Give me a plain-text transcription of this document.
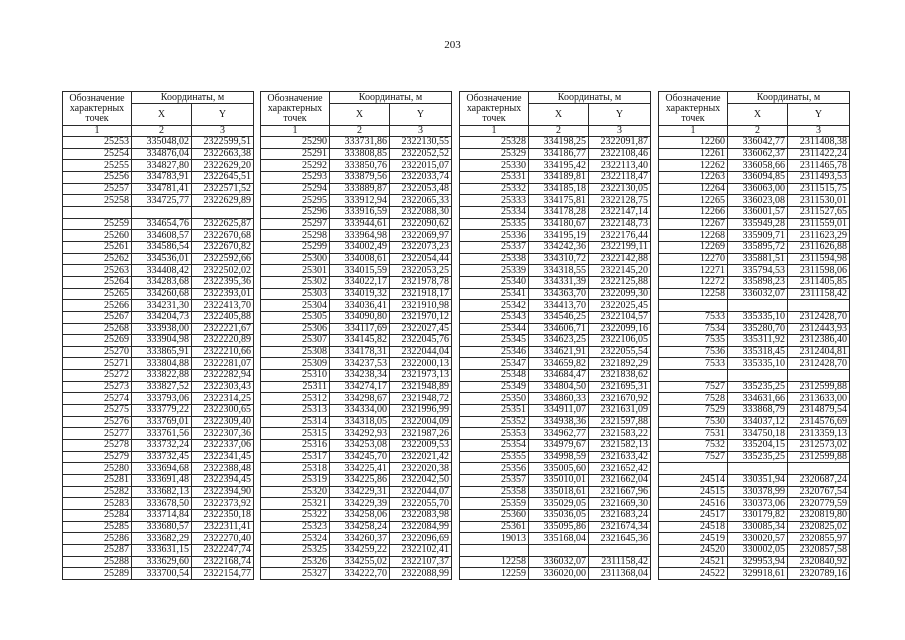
203
Обозначение характерных точек	Координаты, м	
	X	Y
1	2	3
25253	335048,02	2322599,51
25254	334876,04	2322663,38
25255	334827,80	2322629,20
25256	334783,91	2322645,51
25257	334781,41	2322571,52
25258	334725,77	2322629,89

25259	334654,76	2322625,87
25260	334608,57	2322670,68
25261	334586,54	2322670,82
25262	334536,01	2322592,66
25263	334408,42	2322502,02
25264	334283,68	2322395,36
25265	334260,68	2322393,01
25266	334231,30	2322413,70
25267	334204,73	2322405,88
25268	333938,00	2322221,67
25269	333904,98	2322220,89
25270	333865,91	2322210,66
25271	333804,88	2322281,07
25272	333822,88	2322282,94
25273	333827,52	2322303,43
25274	333793,06	2322314,25
25275	333779,22	2322300,65
25276	333769,01	2322309,40
25277	333761,56	2322307,36
25278	333732,24	2322337,06
25279	333732,45	2322341,45
25280	333694,68	2322388,48
25281	333691,48	2322394,45
25282	333682,13	2322394,90
25283	333678,50	2322373,92
25284	333714,84	2322350,18
25285	333680,57	2322311,41
25286	333682,29	2322270,40
25287	333631,15	2322247,74
25288	333629,60	2322168,74
25289	333700,54	2322154,77
Обозначение характерных точек	Координаты, м	
	X	Y
1	2	3
25290	333731,86	2322130,55
25291	333808,85	2322052,52
25292	333850,76	2322015,07
25293	333879,56	2322033,74
25294	333889,87	2322053,48
25295	333912,94	2322065,33
25296	333916,59	2322088,30
25297	333944,61	2322090,62
25298	333964,98	2322069,97
25299	334002,49	2322073,23
25300	334008,61	2322054,44
25301	334015,59	2322053,25
25302	334022,17	2321978,78
25303	334019,32	2321918,17
25304	334036,41	2321910,98
25305	334090,80	2321970,12
25306	334117,69	2322027,45
25307	334145,82	2322045,76
25308	334178,31	2322044,04
25309	334237,53	2322000,13
25310	334238,34	2321973,13
25311	334274,17	2321948,89
25312	334298,67	2321948,72
25313	334334,00	2321996,99
25314	334318,05	2322004,09
25315	334292,93	2321987,26
25316	334253,08	2322009,53
25317	334245,70	2322021,42
25318	334225,41	2322020,38
25319	334225,86	2322042,50
25320	334229,31	2322044,07
25321	334229,39	2322055,70
25322	334258,06	2322083,98
25323	334258,24	2322084,99
25324	334260,37	2322096,69
25325	334259,22	2322102,41
25326	334255,02	2322107,37
25327	334222,70	2322088,99
Обозначение характерных точек	Координаты, м	
	X	Y
1	2	3
25328	334198,25	2322091,87
25329	334186,77	2322108,46
25330	334195,42	2322113,40
25331	334189,81	2322118,47
25332	334185,18	2322130,05
25333	334175,81	2322128,75
25334	334178,28	2322147,14
25335	334180,67	2322148,73
25336	334195,19	2322176,44
25337	334242,36	2322199,11
25338	334310,72	2322142,88
25339	334318,55	2322145,20
25340	334331,39	2322125,88
25341	334363,70	2322099,30
25342	334413,70	2322025,45
25343	334546,25	2322104,57
25344	334606,71	2322099,16
25345	334623,25	2322106,05
25346	334621,91	2322055,54
25347	334659,82	2321892,29
25348	334684,47	2321838,62
25349	334804,50	2321695,31
25350	334860,33	2321670,92
25351	334911,07	2321631,09
25352	334938,36	2321597,88
25353	334962,77	2321583,22
25354	334979,67	2321582,13
25355	334998,59	2321633,42
25356	335005,60	2321652,42
25357	335010,01	2321662,04
25358	335018,61	2321667,96
25359	335029,05	2321669,30
25360	335036,05	2321683,24
25361	335095,86	2321674,34
19013	335168,04	2321645,36

12258	336032,07	2311158,42
12259	336020,00	2311368,04
Обозначение характерных точек	Координаты, м	
	X	Y
1	2	3
12260	336042,77	2311408,38
12261	336062,37	2311422,24
12262	336058,66	2311465,78
12263	336094,85	2311493,53
12264	336063,00	2311515,75
12265	336023,08	2311530,01
12266	336001,57	2311527,65
12267	335949,28	2311559,01
12268	335909,71	2311623,29
12269	335895,72	2311626,88
12270	335881,51	2311594,98
12271	335794,53	2311598,06
12272	335898,23	2311405,85
12258	336032,07	2311158,42

7533	335335,10	2312428,70
7534	335280,70	2312443,93
7535	335311,92	2312386,40
7536	335318,45	2312404,81
7533	335335,10	2312428,70

7527	335235,25	2312599,88
7528	334631,66	2313633,00
7529	333868,79	2314879,54
7530	334037,12	2314576,69
7531	334750,18	2313359,13
7532	335204,15	2312573,02
7527	335235,25	2312599,88

24514	330351,94	2320687,24
24515	330378,99	2320767,54
24516	330373,06	2320779,59
24517	330179,82	2320819,80
24518	330085,34	2320825,02
24519	330020,57	2320855,97
24520	330002,05	2320857,58
24521	329953,94	2320840,92
24522	329918,61	2320789,16
